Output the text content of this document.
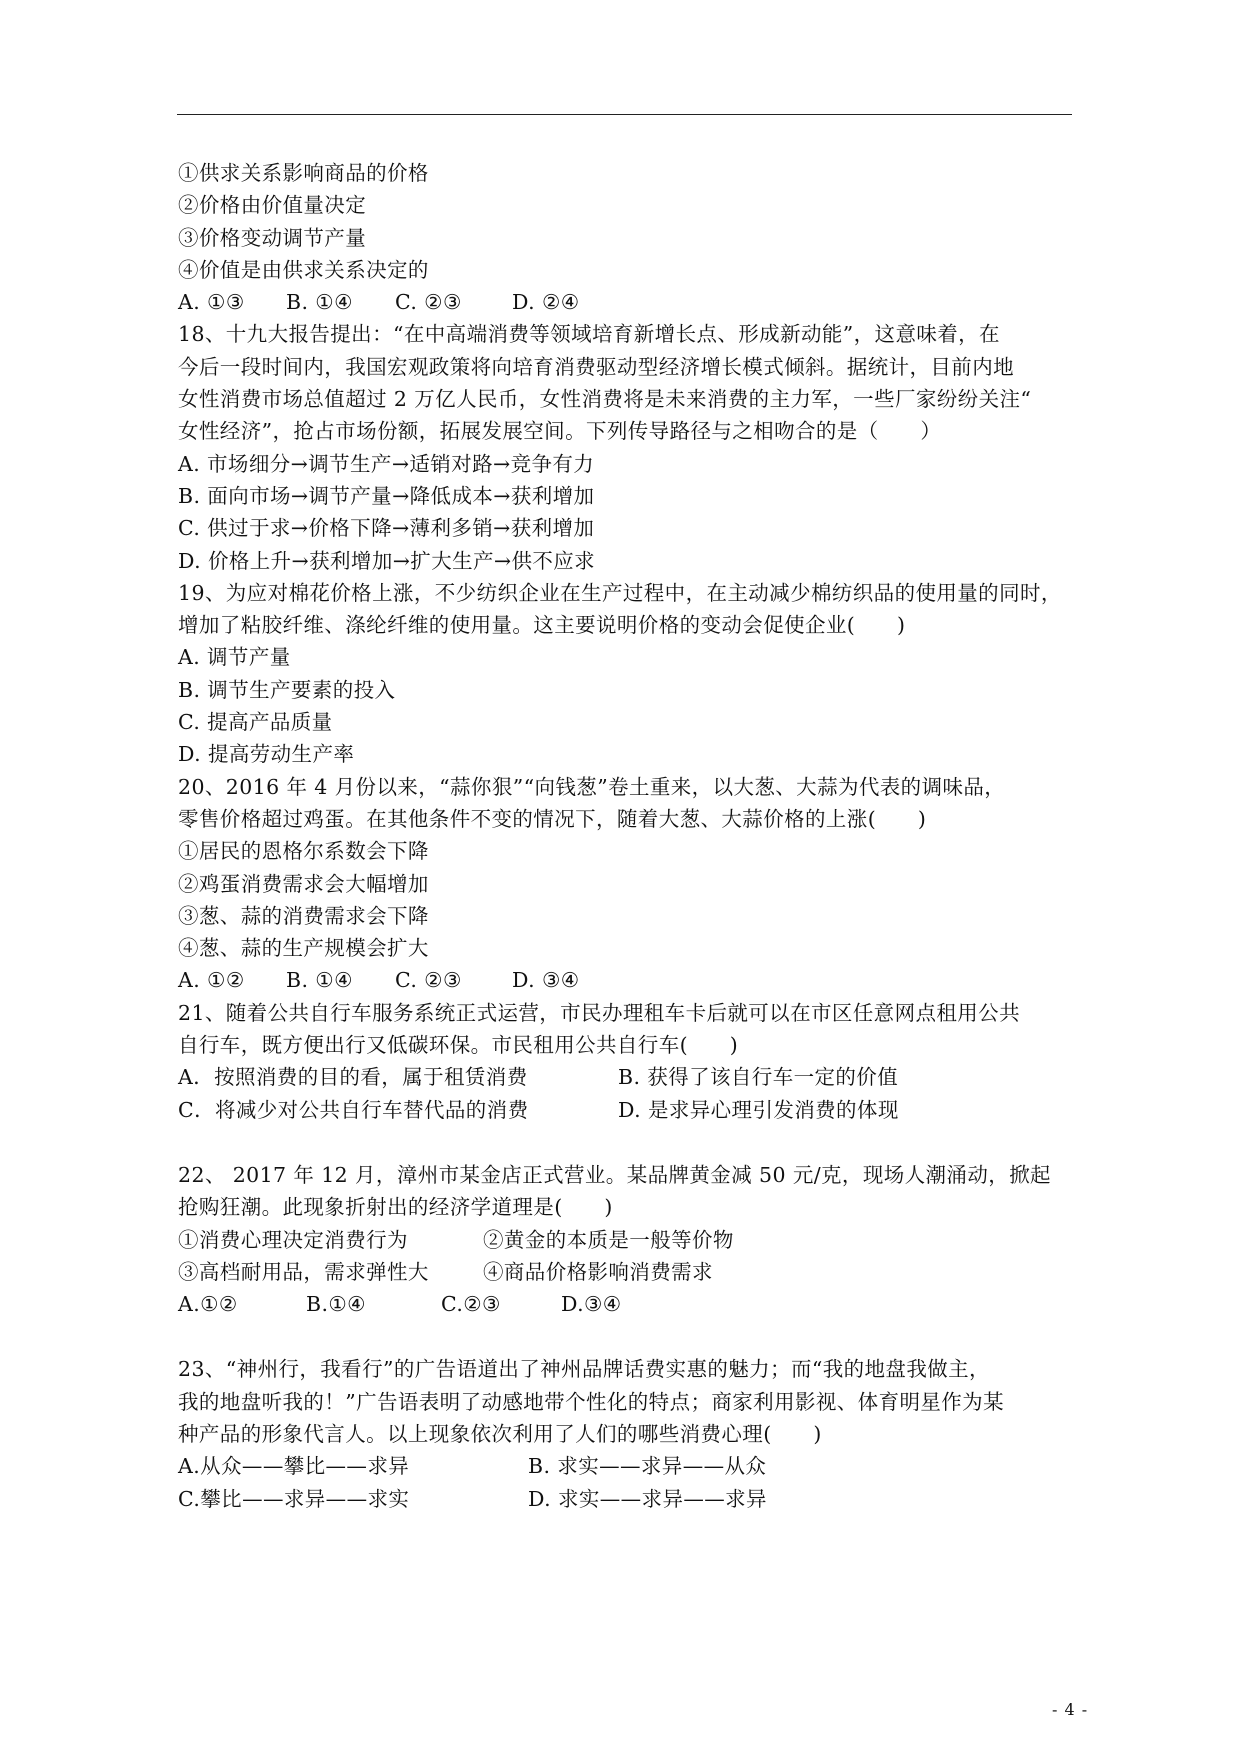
①供求关系影响商品的价格
②价格由价值量决定
③价格变动调节产量
④价值是由供求关系决定的
A. ①③	B. ①④	C. ②③	D. ②④
18、十九大报告提出：“在中高端消费等领域培育新增长点、形成新动能”，这意味着，在
今后一段时间内，我国宏观政策将向培育消费驱动型经济增长模式倾斜。据统计，目前内地
女性消费市场总值超过 2 万亿人民币，女性消费将是未来消费的主力军，一些厂家纷纷关注“
女性经济”，抢占市场份额，拓展发展空间。下列传导路径与之相吻合的是（　　）
A. 市场细分→调节生产→适销对路→竞争有力
B. 面向市场→调节产量→降低成本→获利增加
C. 供过于求→价格下降→薄利多销→获利增加
D. 价格上升→获利增加→扩大生产→供不应求
19、为应对棉花价格上涨，不少纺织企业在生产过程中，在主动减少棉纺织品的使用量的同时，
增加了粘胶纤维、涤纶纤维的使用量。这主要说明价格的变动会促使企业(　　)
A. 调节产量
B. 调节生产要素的投入
C. 提高产品质量
D. 提高劳动生产率
20、2016 年 4 月份以来，“蒜你狠”“向钱葱”卷土重来，以大葱、大蒜为代表的调味品，
零售价格超过鸡蛋。在其他条件不变的情况下，随着大葱、大蒜价格的上涨(　　)
①居民的恩格尔系数会下降
②鸡蛋消费需求会大幅增加
③葱、蒜的消费需求会下降
④葱、蒜的生产规模会扩大
A. ①②	B. ①④	C. ②③	D. ③④
21、随着公共自行车服务系统正式运营，市民办理租车卡后就可以在市区任意网点租用公共
自行车，既方便出行又低碳环保。市民租用公共自行车(　　)
A．按照消费的目的看，属于租赁消费	B. 获得了该自行车一定的价值
C．将减少对公共自行车替代品的消费	D. 是求异心理引发消费的体现
22、 2017 年 12 月，漳州市某金店正式营业。某品牌黄金减 50 元/克，现场人潮涌动，掀起
抢购狂潮。此现象折射出的经济学道理是(　　)
①消费心理决定消费行为	②黄金的本质是一般等价物
③高档耐用品，需求弹性大	④商品价格影响消费需求
A.①②	B.①④	C.②③	D.③④
23、“神州行，我看行”的广告语道出了神州品牌话费实惠的魅力；而“我的地盘我做主，
我的地盘听我的！”广告语表明了动感地带个性化的特点；商家利用影视、体育明星作为某
种产品的形象代言人。以上现象依次利用了人们的哪些消费心理(　　)
A.从众——攀比——求异	B. 求实——求异——从众
C.攀比——求异——求实	D. 求实——求异——求异
- 4 -
